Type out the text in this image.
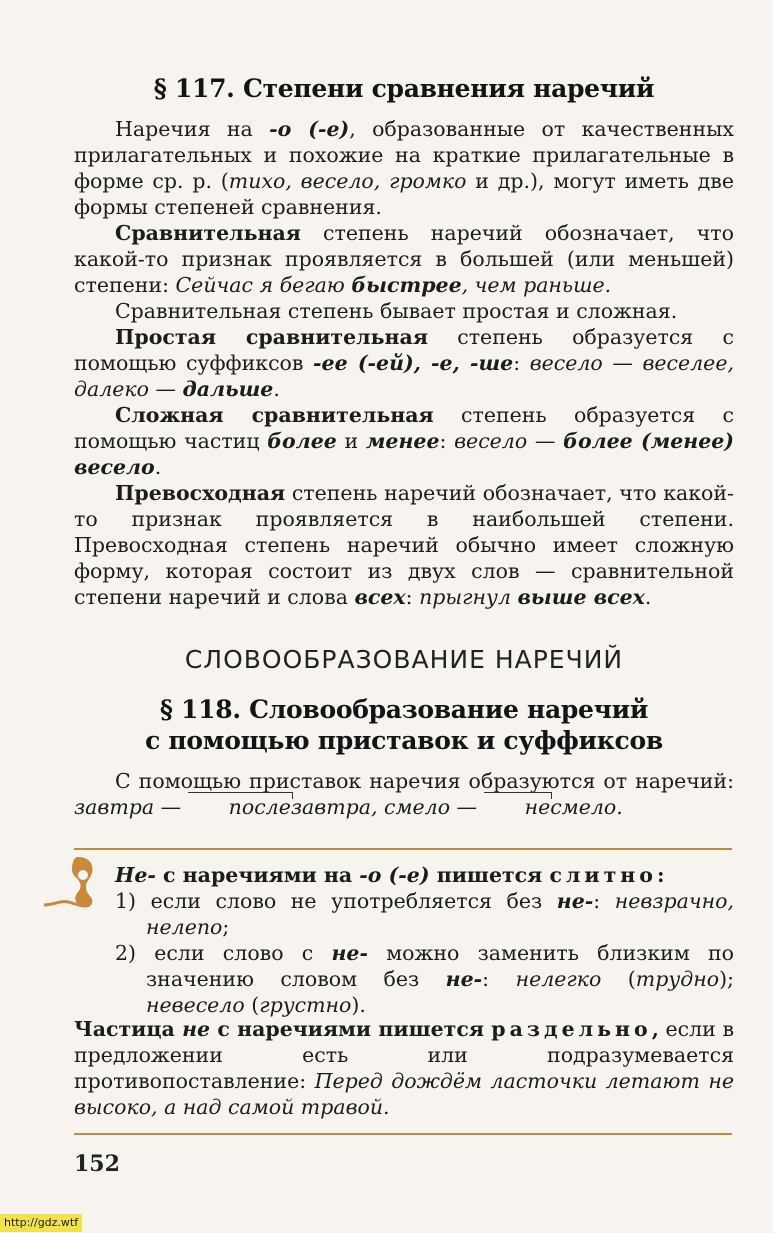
§ 117. Степени сравнения наречий

Наречия на -о (-е), образованные от качественных прилагательных и похожие на краткие прилагательные в форме ср. р. (тихо, весело, громко и др.), могут иметь две формы степеней сравнения.

Сравнительная степень наречий обозначает, что какой-то признак проявляется в большей (или меньшей) степени: Сейчас я бегаю быстрее, чем раньше.

Сравнительная степень бывает простая и сложная.

Простая сравнительная степень образуется с помощью суффиксов -ее (-ей), -е, -ше: весело — веселее, далеко — дальше.

Сложная сравнительная степень образуется с помощью частиц более и менее: весело — более (менее) весело.

Превосходная степень наречий обозначает, что какой-то признак проявляется в наибольшей степени. Превосходная степень наречий обычно имеет сложную форму, которая состоит из двух слов — сравнительной степени наречий и слова всех: прыгнул выше всех.

СЛОВООБРАЗОВАНИЕ НАРЕЧИЙ
§ 118. Словообразование наречий
с помощью приставок и суффиксов

С помощью приставок наречия образуются от наречий: завтра — послезавтра, смело — несмело.

Не- с наречиями на -о (-е) пишется слитно:

1) если слово не употребляется без не-: невзрачно, нелепо;

2) если слово с не- можно заменить близким по значению словом без не-: нелегко (трудно); невесело (грустно).

Частица не с наречиями пишется раздельно, если в предложении есть или подразумевается противопоставление: Перед дождём ласточки летают не высоко, а над самой травой.

152
http://gdz.wtf
